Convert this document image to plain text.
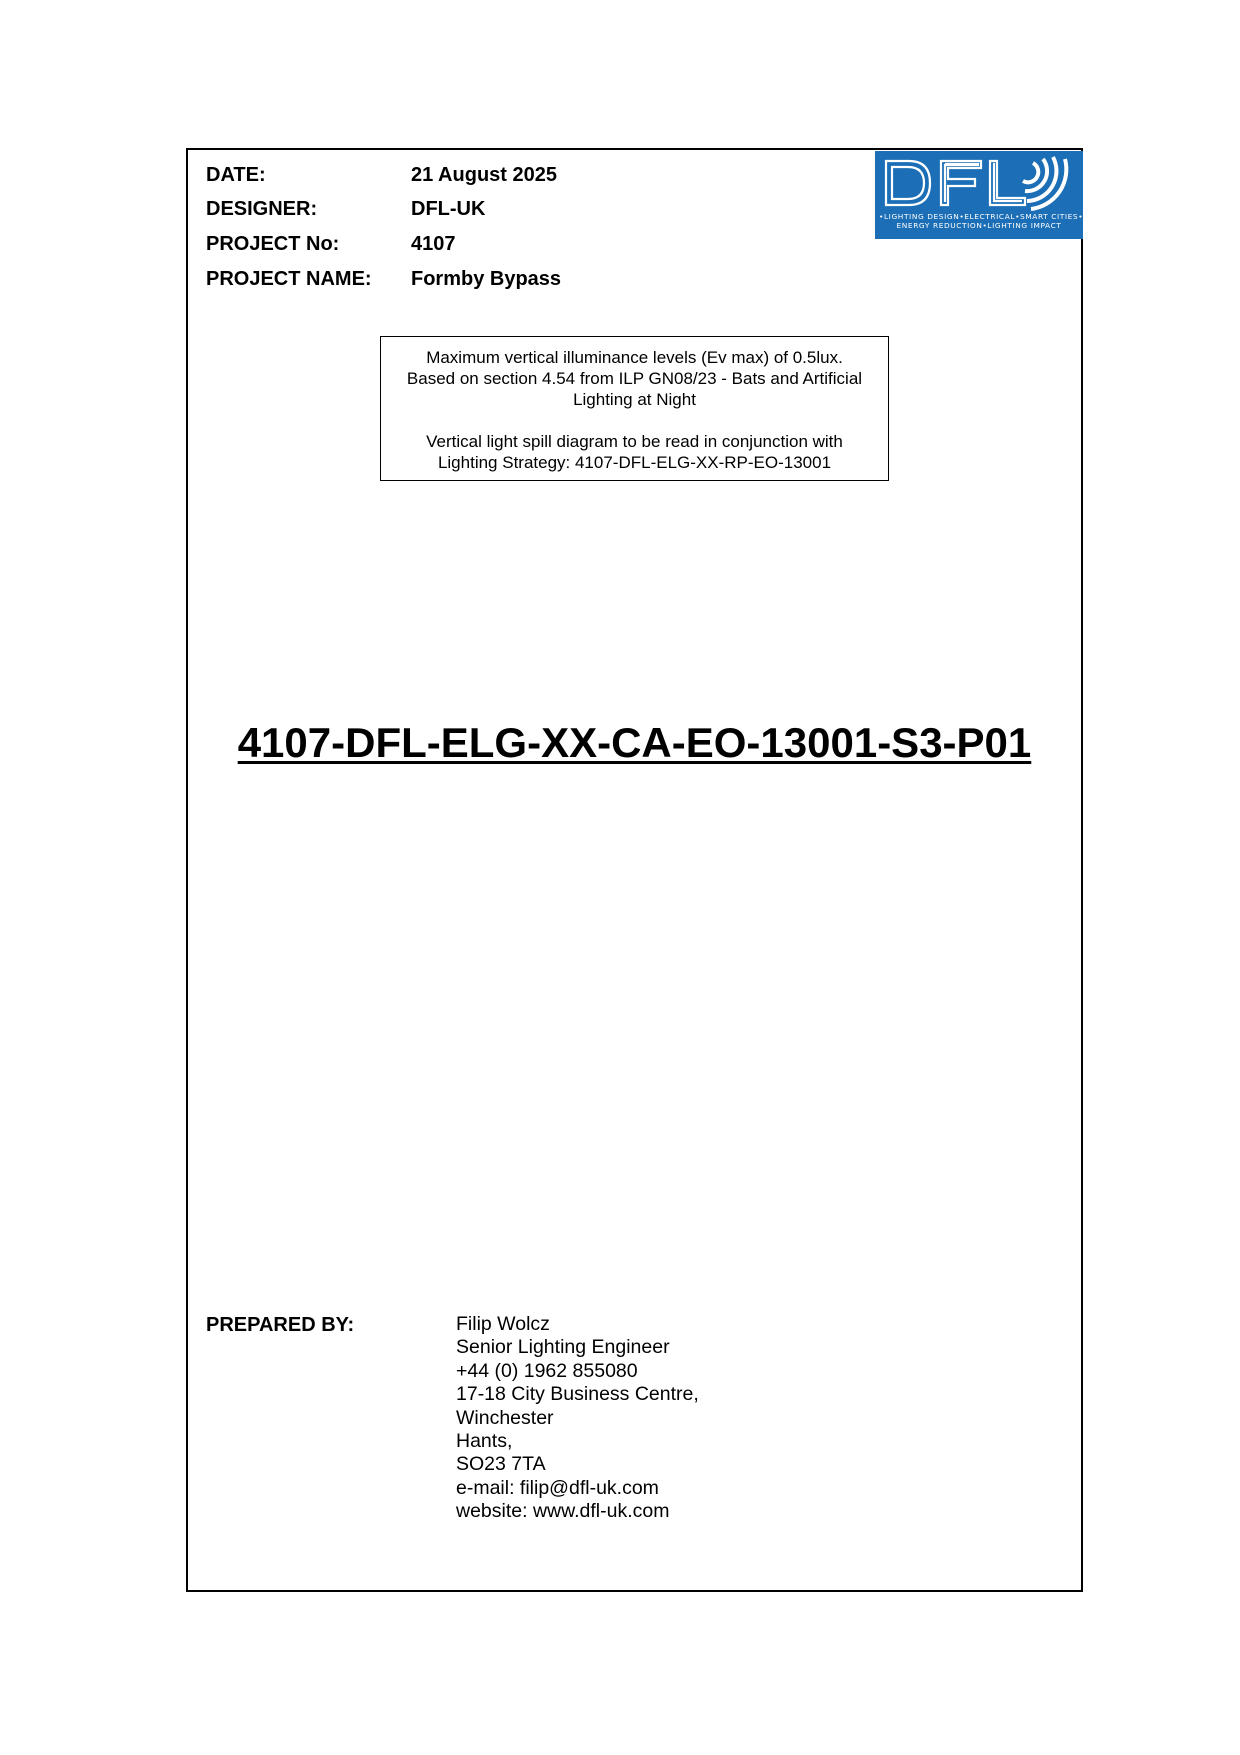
DATE:	21 August 2025
DESIGNER:	DFL-UK
PROJECT No:	4107
PROJECT NAME: Formby Bypass
•LIGHTING DESIGN•ELECTRICAL•SMART CITIES•
ENERGY REDUCTION•LIGHTING IMPACT

Maximum vertical illuminance levels (Ev max) of 0.5lux.

Based on section 4.54 from ILP GN08/23 - Bats and Artificial

Lighting at Night

Vertical light spill diagram to be read in conjunction with

Lighting Strategy: 4107-DFL-ELG-XX-RP-EO-13001

4107-DFL-ELG-XX-CA-EO-13001-S3-P01
PREPARED BY:	Filip Wolcz
Senior Lighting Engineer
+44 (0) 1962 855080
17-18 City Business Centre,
Winchester
Hants,
SO23 7TA
e-mail: filip@dfl-uk.com
website: www.dfl-uk.com
